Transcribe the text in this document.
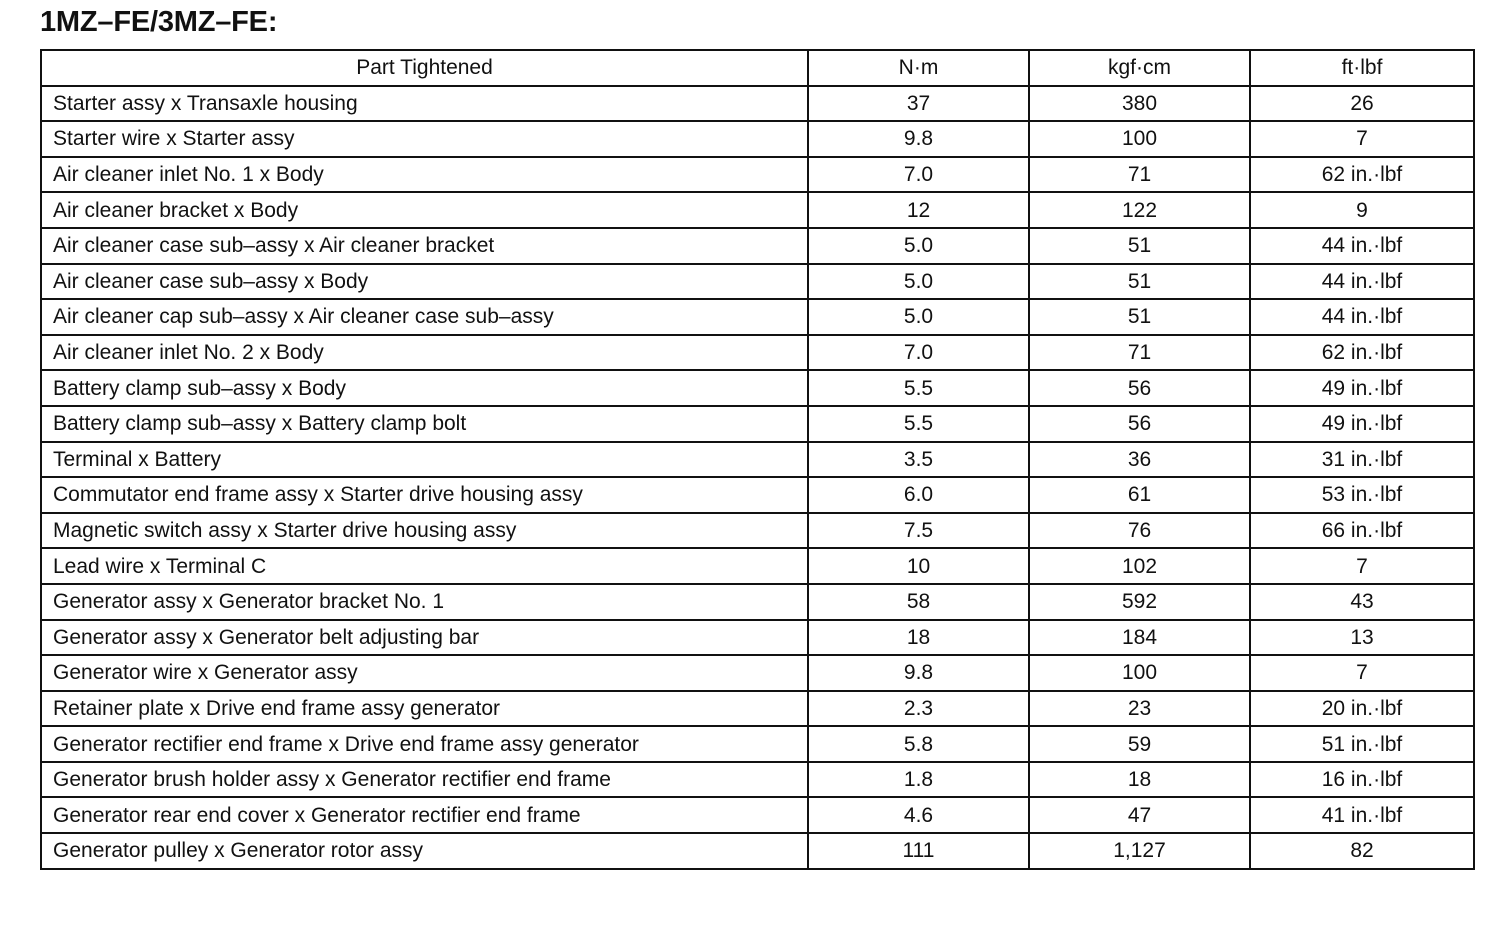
1MZ–FE/3MZ–FE:
Part Tightened	N·m	kgf·cm	ft·lbf
Starter assy x Transaxle housing	37	380	26
Starter wire x Starter assy	9.8	100	7
Air cleaner inlet No. 1 x Body	7.0	71	62 in.·lbf
Air cleaner bracket x Body	12	122	9
Air cleaner case sub–assy x Air cleaner bracket	5.0	51	44 in.·lbf
Air cleaner case sub–assy x Body	5.0	51	44 in.·lbf
Air cleaner cap sub–assy x Air cleaner case sub–assy	5.0	51	44 in.·lbf
Air cleaner inlet No. 2 x Body	7.0	71	62 in.·lbf
Battery clamp sub–assy x Body	5.5	56	49 in.·lbf
Battery clamp sub–assy x Battery clamp bolt	5.5	56	49 in.·lbf
Terminal x Battery	3.5	36	31 in.·lbf
Commutator end frame assy x Starter drive housing assy	6.0	61	53 in.·lbf
Magnetic switch assy x Starter drive housing assy	7.5	76	66 in.·lbf
Lead wire x Terminal C	10	102	7
Generator assy x Generator bracket No. 1	58	592	43
Generator assy x Generator belt adjusting bar	18	184	13
Generator wire x Generator assy	9.8	100	7
Retainer plate x Drive end frame assy generator	2.3	23	20 in.·lbf
Generator rectifier end frame x Drive end frame assy generator	5.8	59	51 in.·lbf
Generator brush holder assy x Generator rectifier end frame	1.8	18	16 in.·lbf
Generator rear end cover x Generator rectifier end frame	4.6	47	41 in.·lbf
Generator pulley x Generator rotor assy	111	1,127	82
